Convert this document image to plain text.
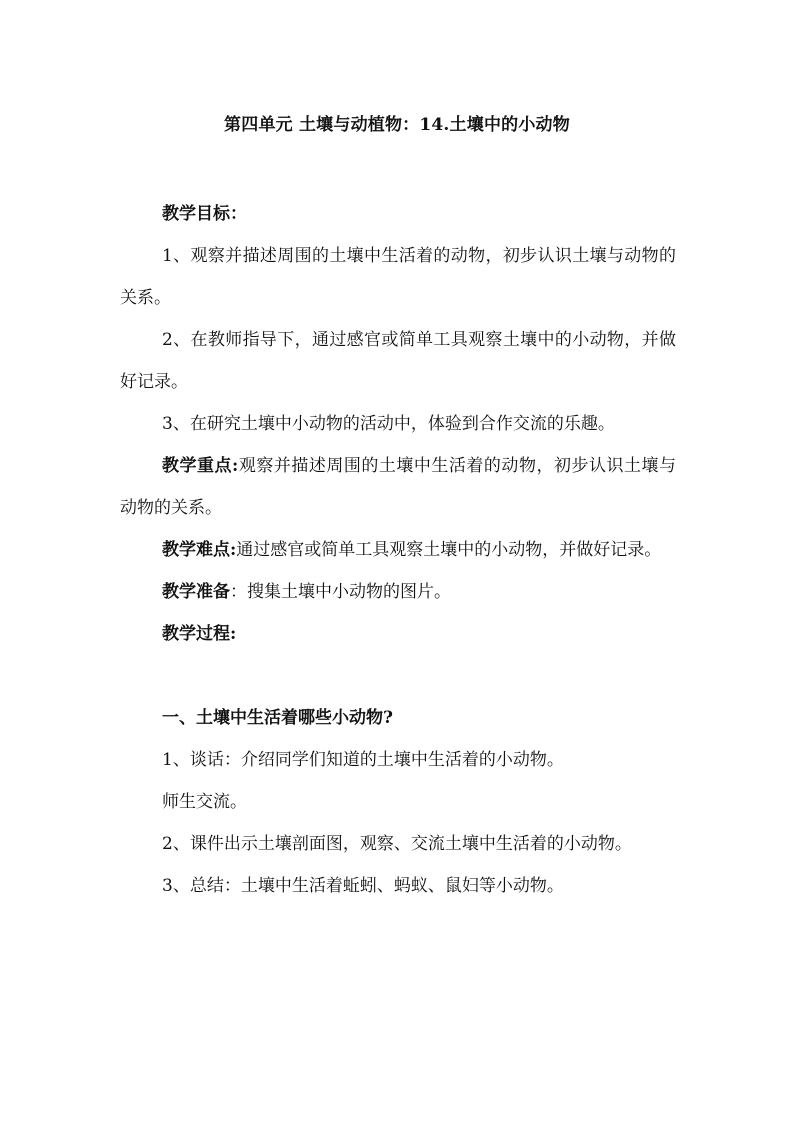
第四单元 土壤与动植物：14.土壤中的小动物

教学目标：

1、观察并描述周围的土壤中生活着的动物，初步认识土壤与动物的关系。

2、在教师指导下，通过感官或简单工具观察土壤中的小动物，并做好记录。

3、在研究土壤中小动物的活动中，体验到合作交流的乐趣。

教学重点:观察并描述周围的土壤中生活着的动物，初步认识土壤与动物的关系。

教学难点:通过感官或简单工具观察土壤中的小动物，并做好记录。

教学准备：搜集土壤中小动物的图片。

教学过程:

一、土壤中生活着哪些小动物?

1、谈话：介绍同学们知道的土壤中生活着的小动物。

师生交流。

2、课件出示土壤剖面图，观察、交流土壤中生活着的小动物。

3、总结：土壤中生活着蚯蚓、蚂蚁、鼠妇等小动物。
